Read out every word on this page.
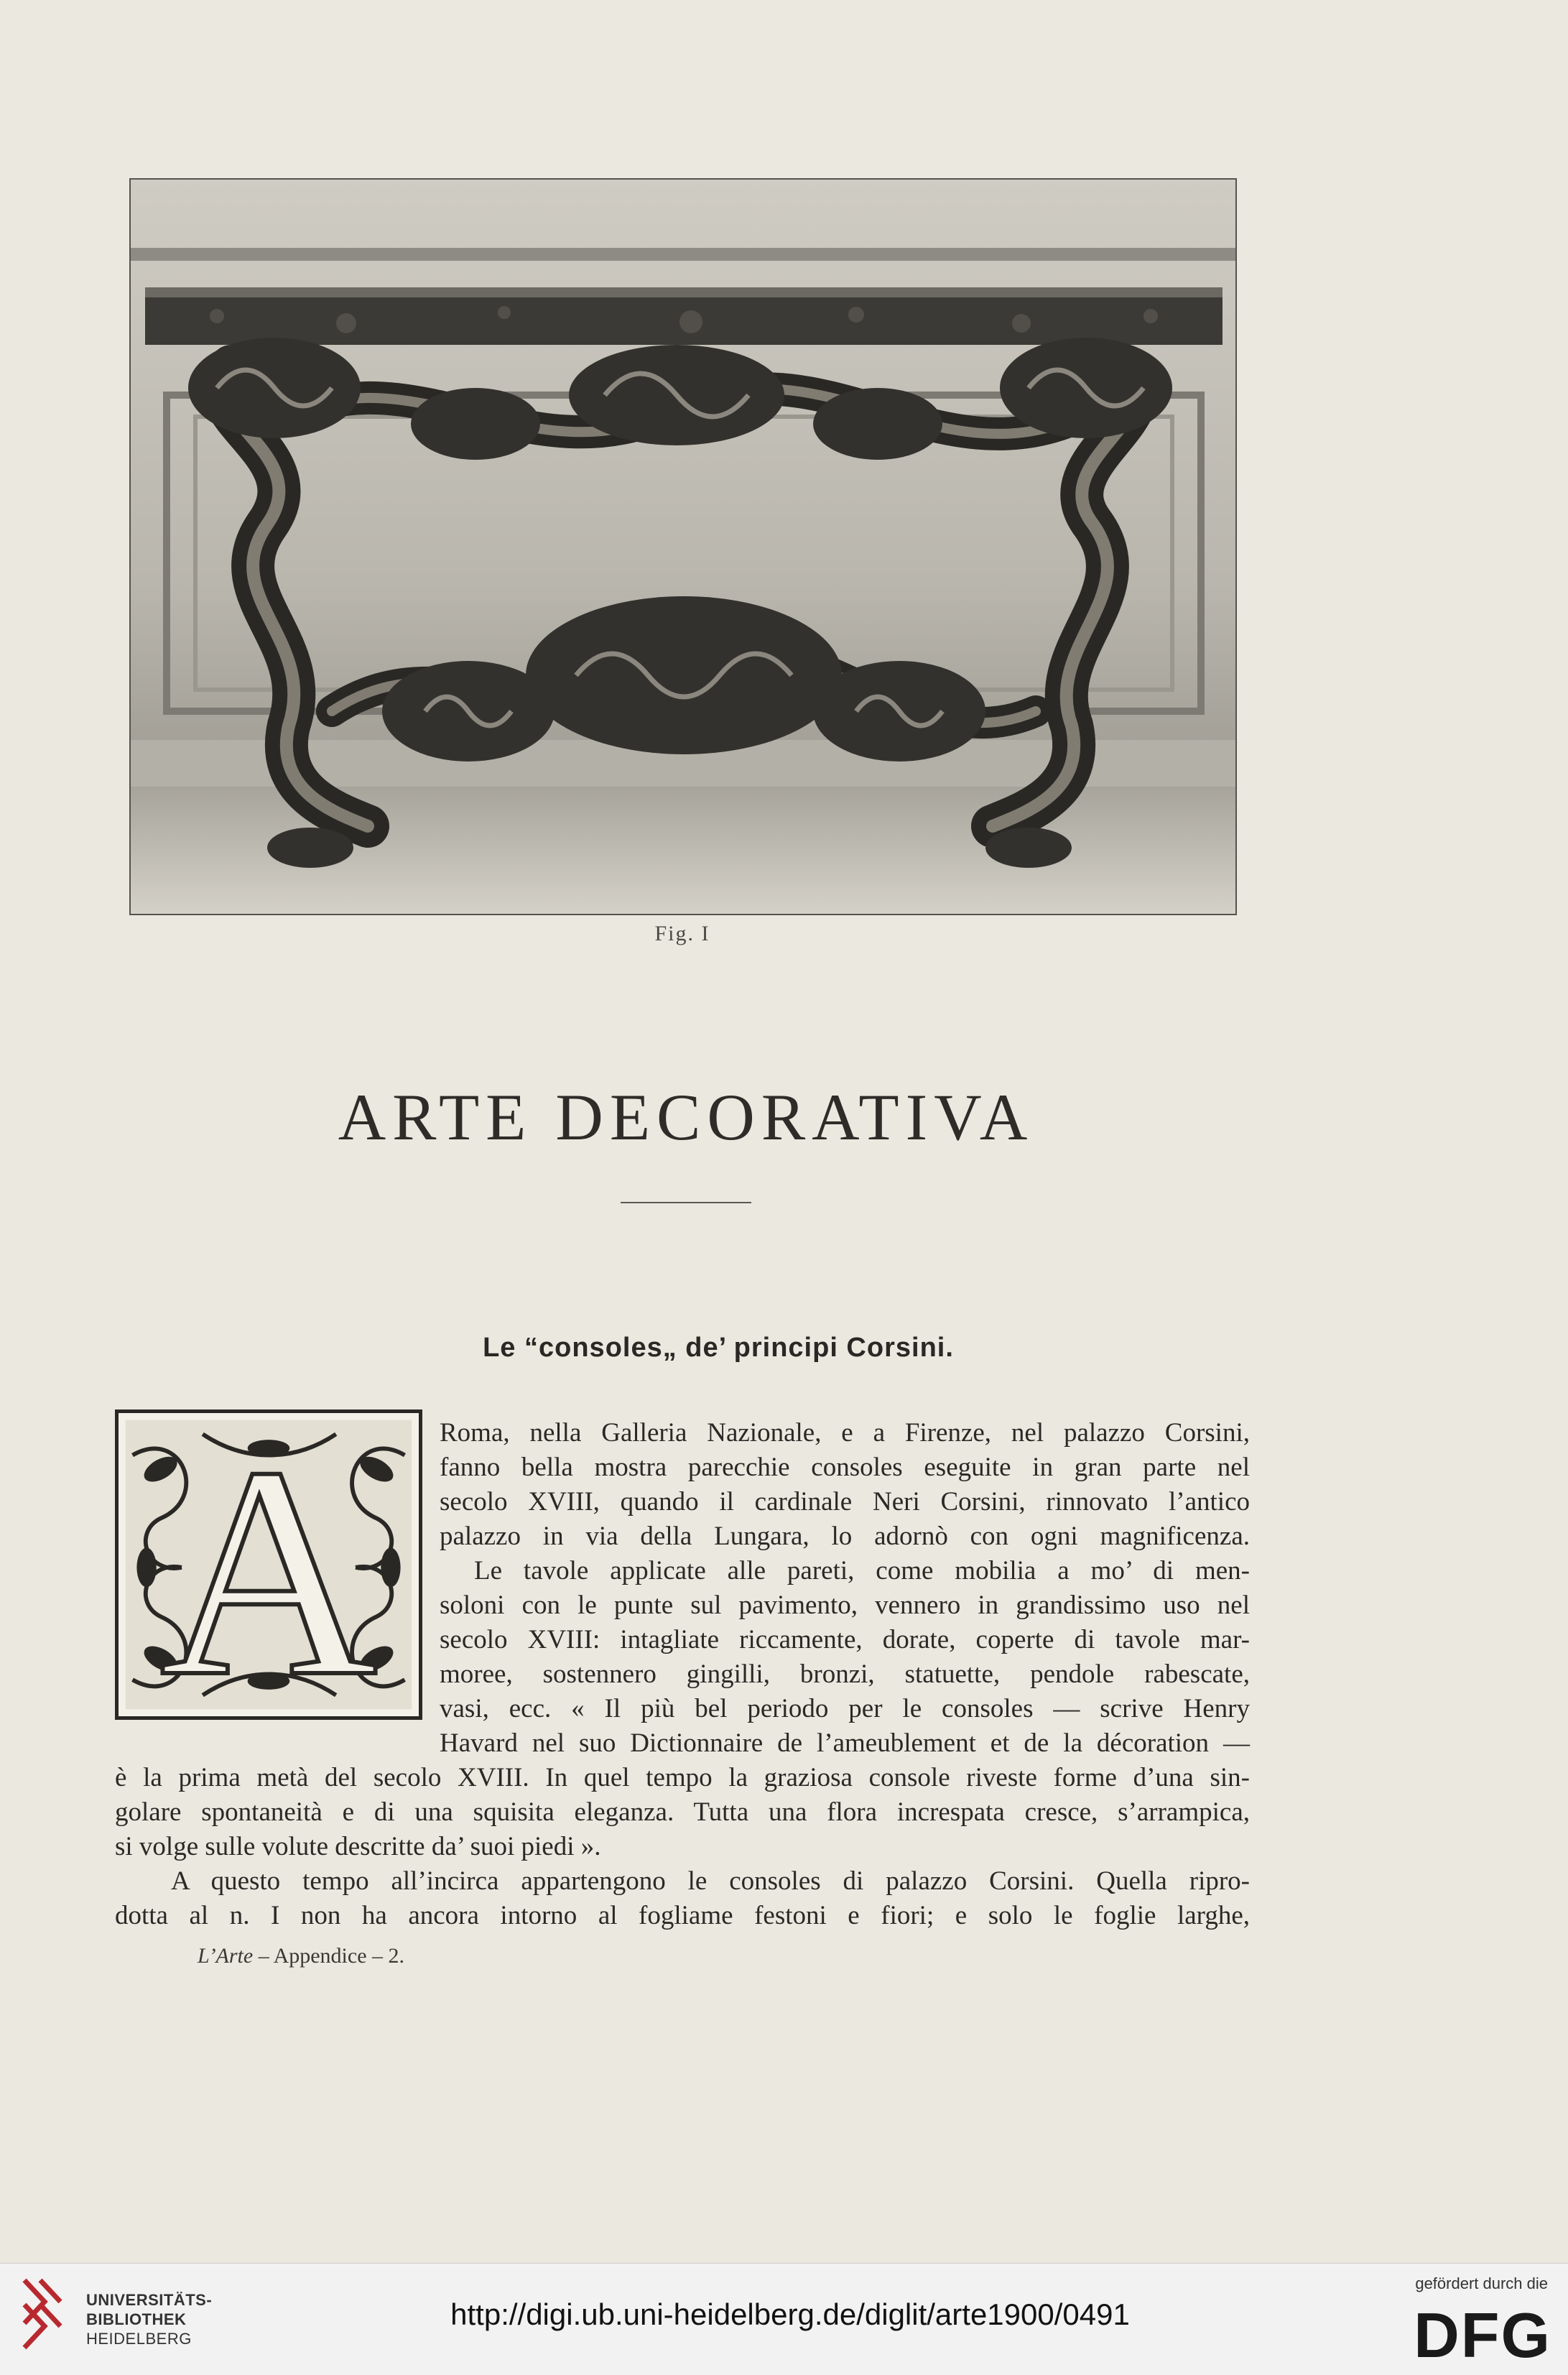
Fig. I
ARTE DECORATIVA
Le “consoles„ de’ principi Corsini.
A	Roma, nella Galleria Nazionale, e a Firenze, nel palazzo Corsini,
fanno bella mostra parecchie consoles eseguite in gran parte nel
secolo XVIII, quando il cardinale Neri Corsini, rinnovato l’antico
palazzo in via della Lungara, lo adornò con ogni magnificenza.
Le tavole applicate alle pareti, come mobilia a mo’ di men-
soloni con le punte sul pavimento, vennero in grandissimo uso nel
secolo XVIII: intagliate riccamente, dorate, coperte di tavole mar-
moree, sostennero gingilli, bronzi, statuette, pendole rabescate,
vasi, ecc. « Il più bel periodo per le consoles — scrive Henry
Havard nel suo Dictionnaire de l’ameublement et de la décoration —
è la prima metà del secolo XVIII. In quel tempo la graziosa console riveste forme d’una sin-
golare spontaneità e di una squisita eleganza. Tutta una flora increspata cresce, s’arrampica,
si volge sulle volute descritte da’ suoi piedi ».
A questo tempo all’incirca appartengono le consoles di palazzo Corsini. Quella ripro-
dotta al n. I non ha ancora intorno al fogliame festoni e fiori; e solo le foglie larghe,
L’Arte – Appendice – 2.
UNIVERSITÄTS-
BIBLIOTHEK
HEIDELBERG
http://digi.ub.uni-heidelberg.de/diglit/arte1900/0491
gefördert durch die
DFG
